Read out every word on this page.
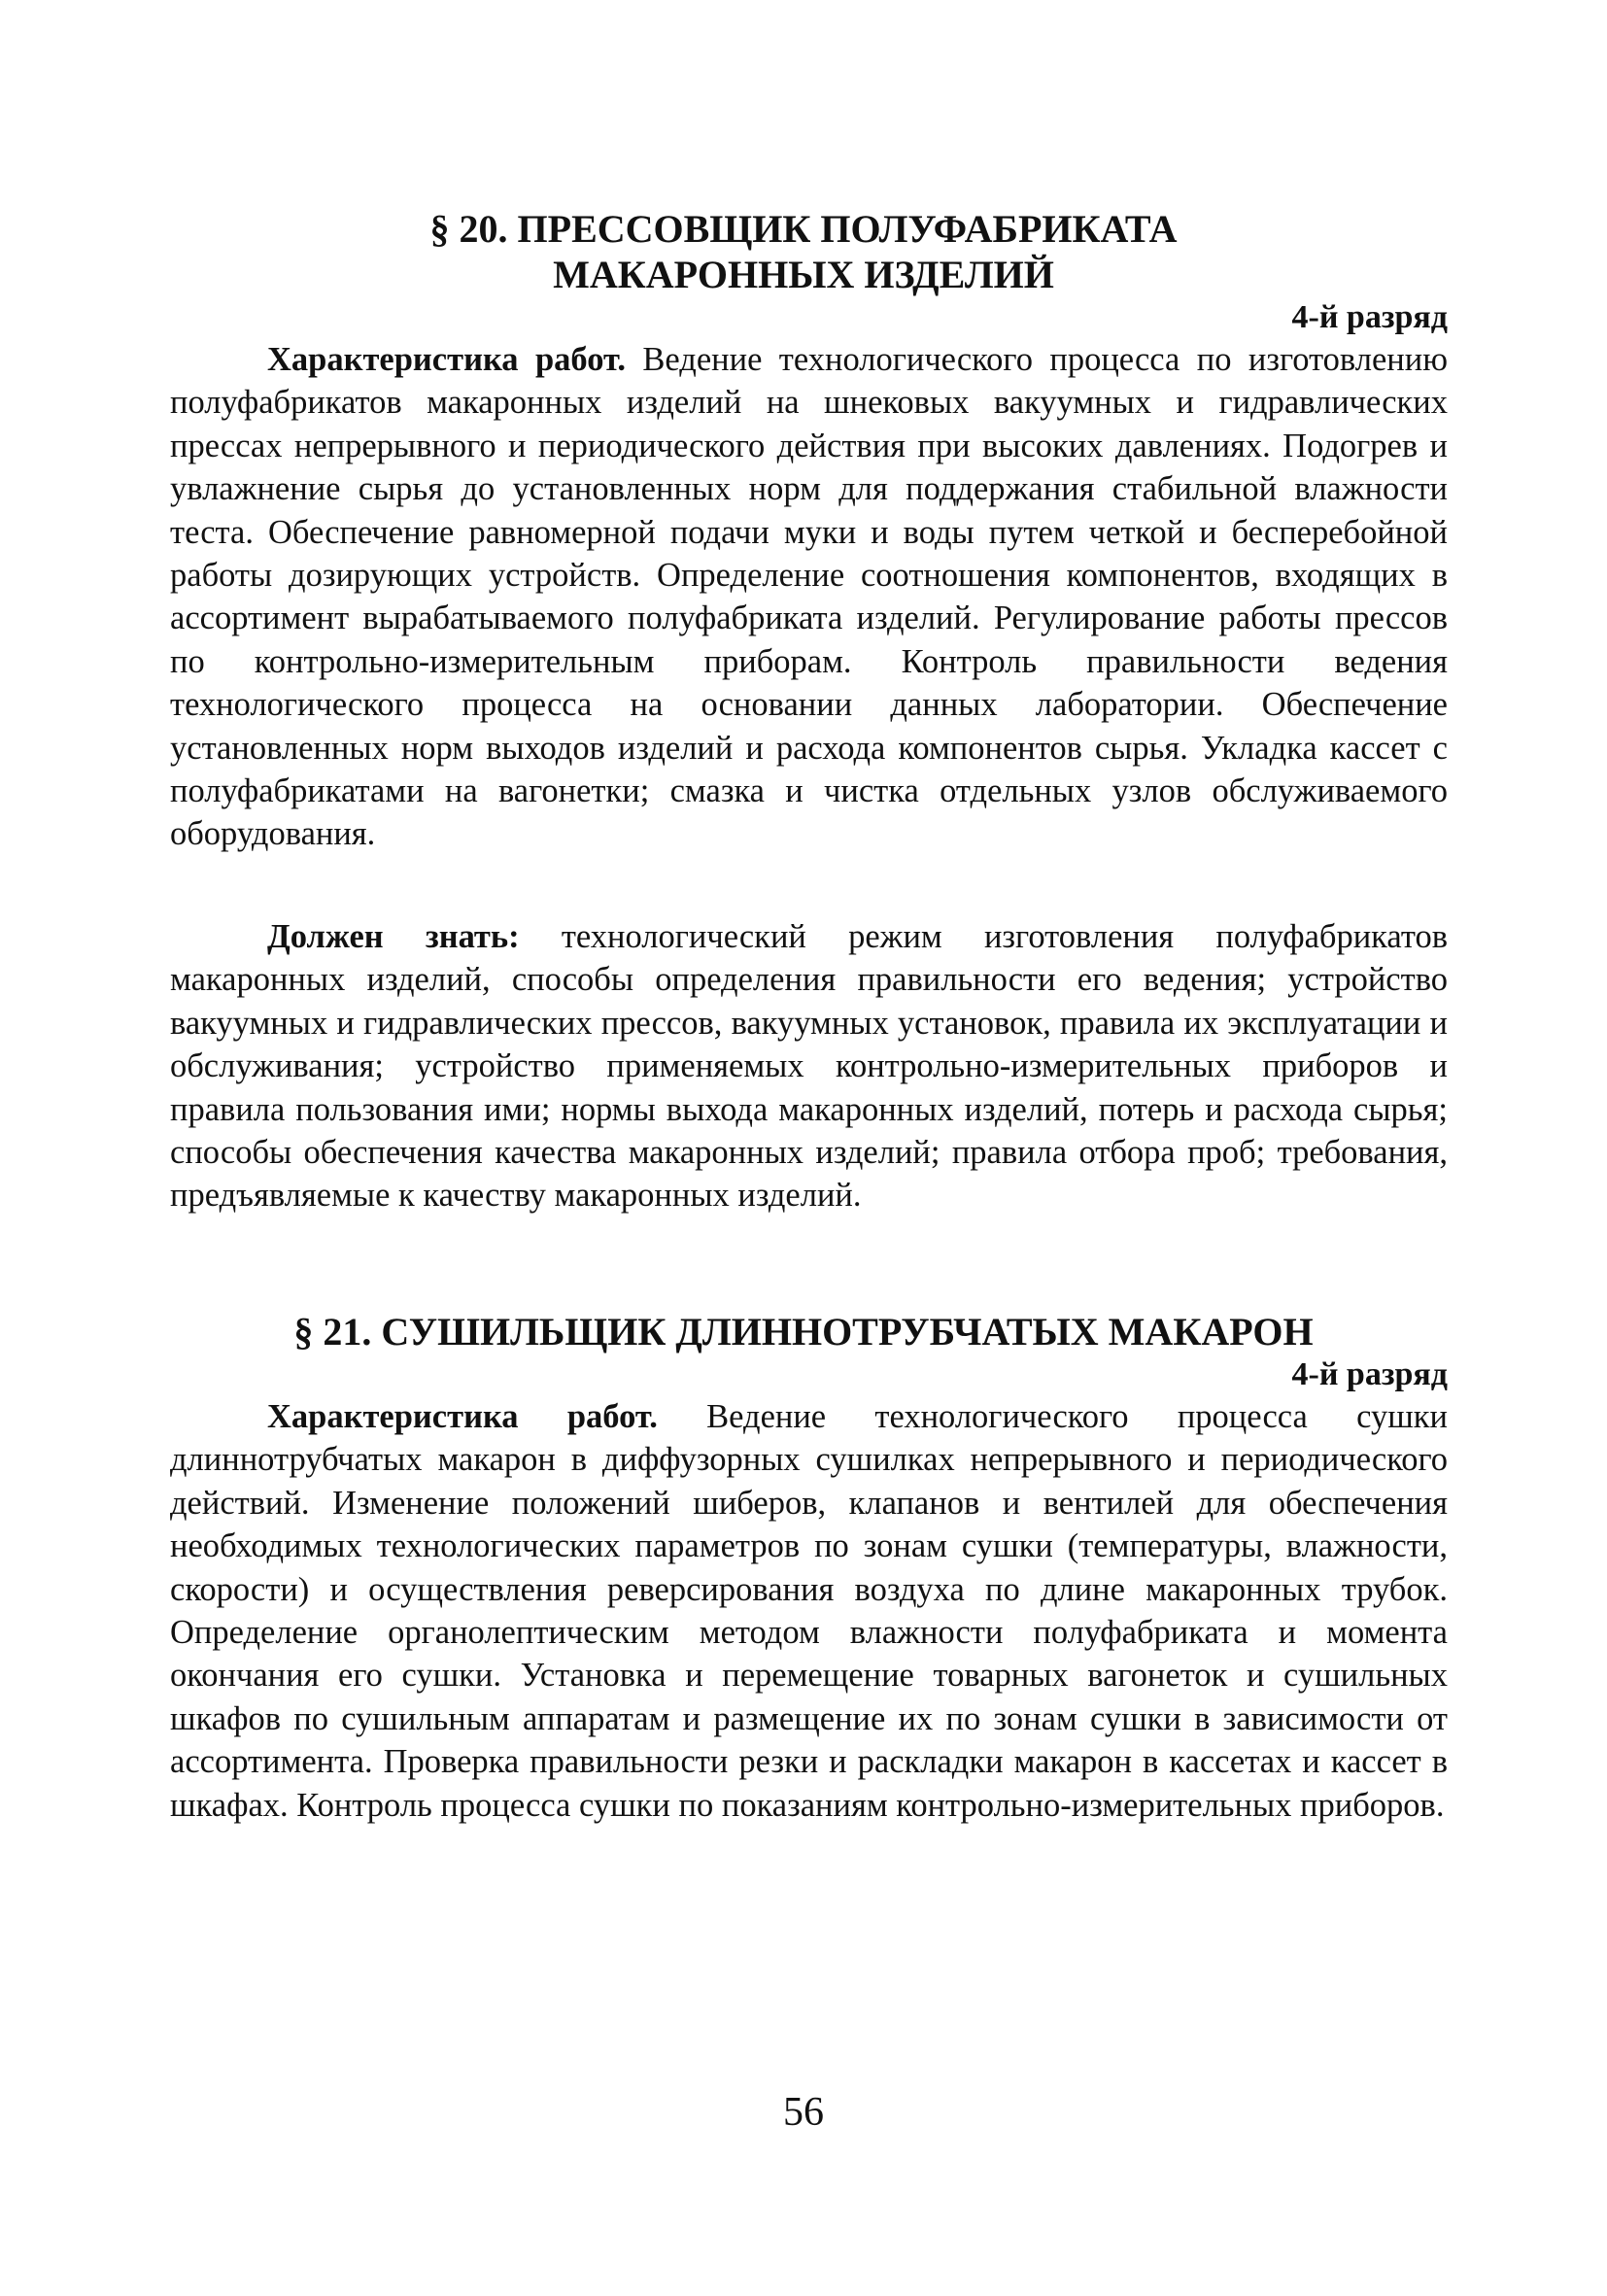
§ 20. ПРЕССОВЩИК ПОЛУФАБРИКАТА
МАКАРОННЫХ ИЗДЕЛИЙ

4-й разряд

Характеристика работ. Ведение технологического процесса по изготовлению полуфабрикатов макаронных изделий на шнековых вакуумных и гидравлических прессах непрерывного и периодического действия при высоких давлениях. Подогрев и увлажнение сырья до установленных норм для поддержания стабильной влажности теста. Обеспечение равномерной подачи муки и воды путем четкой и бесперебойной работы дозирующих устройств. Определение соотношения компонентов, входящих в ассортимент вырабатываемого полуфабриката изделий. Регулирование работы прессов по контрольно-измерительным приборам. Контроль правильности ведения технологического процесса на основании данных лаборатории. Обеспечение установленных норм выходов изделий и расхода компонентов сырья. Укладка кассет с полуфабрикатами на вагонетки; смазка и чистка отдельных узлов обслуживаемого оборудования.

Должен знать: технологический режим изготовления полуфабрикатов макаронных изделий, способы определения правильности его ведения; устройство вакуумных и гидравлических прессов, вакуумных установок, правила их эксплуатации и обслуживания; устройство применяемых контрольно-измерительных приборов и правила пользования ими; нормы выхода макаронных изделий, потерь и расхода сырья; способы обеспечения качества макаронных изделий; правила отбора проб; требования, предъявляемые к качеству макаронных изделий.

§ 21. СУШИЛЬЩИК ДЛИННОТРУБЧАТЫХ МАКАРОН

4-й разряд

Характеристика работ. Ведение технологического процесса сушки длиннотрубчатых макарон в диффузорных сушилках непрерывного и периодического действий. Изменение положений шиберов, клапанов и вентилей для обеспечения необходимых технологических параметров по зонам сушки (температуры, влажности, скорости) и осуществления реверсирования воздуха по длине макаронных трубок. Определение органолептическим методом влажности полуфабриката и момента окончания его сушки. Установка и перемещение товарных вагонеток и сушильных шкафов по сушильным аппаратам и размещение их по зонам сушки в зависимости от ассортимента. Проверка правильности резки и раскладки макарон в кассетах и кассет в шкафах. Контроль процесса сушки по показаниям контрольно-измерительных приборов.

56
